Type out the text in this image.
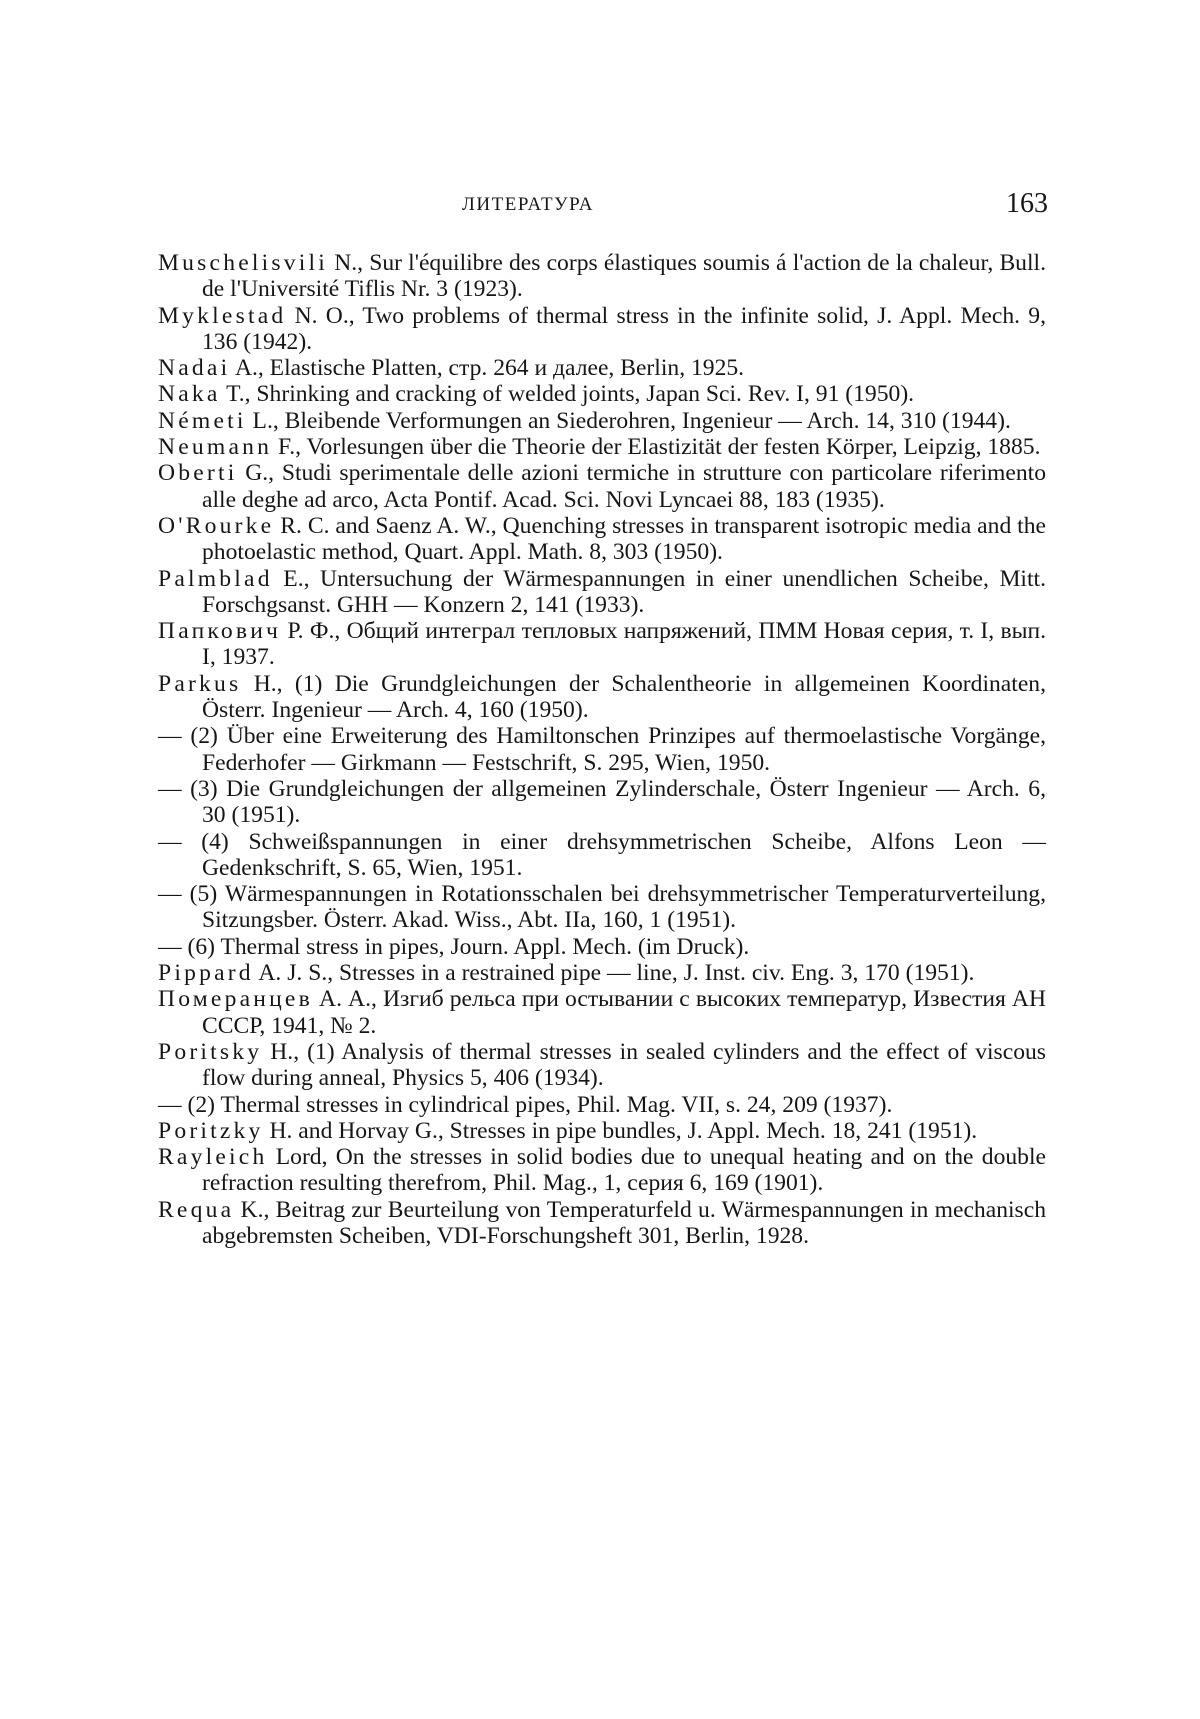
ЛИТЕРАТУРА	163

Muschelisvili N., Sur l'équilibre des corps élastiques soumis á l'action de la chaleur, Bull. de l'Université Tiflis Nr. 3 (1923).

Myklestad N. O., Two problems of thermal stress in the infinite solid, J. Appl. Mech. 9, 136 (1942).

Nadai A., Elastische Platten, стр. 264 и далее, Berlin, 1925.

Naka T., Shrinking and cracking of welded joints, Japan Sci. Rev. I, 91 (1950).

Németi L., Bleibende Verformungen an Siederohren, Ingenieur — Arch. 14, 310 (1944).

Neumann F., Vorlesungen über die Theorie der Elastizität der festen Körper, Leipzig, 1885.

Oberti G., Studi sperimentale delle azioni termiche in strutture con particolare riferimento alle deghe ad arco, Acta Pontif. Acad. Sci. Novi Lyncaei 88, 183 (1935).

O'Rourke R. C. and Saenz A. W., Quenching stresses in transparent isotropic media and the photoelastic method, Quart. Appl. Math. 8, 303 (1950).

Palmblad E., Untersuchung der Wärmespannungen in einer unendlichen Scheibe, Mitt. Forschgsanst. GHH — Konzern 2, 141 (1933).

Папкович Р. Ф., Общий интеграл тепловых напряжений, ПММ Новая серия, т. I, вып. I, 1937.

Parkus H., (1) Die Grundgleichungen der Schalentheorie in allgemeinen Koordinaten, Österr. Ingenieur — Arch. 4, 160 (1950).

— (2) Über eine Erweiterung des Hamiltonschen Prinzipes auf thermoelastische Vorgänge, Federhofer — Girkmann — Festschrift, S. 295, Wien, 1950.

— (3) Die Grundgleichungen der allgemeinen Zylinderschale, Österr Ingenieur — Arch. 6, 30 (1951).

— (4) Schweißspannungen in einer drehsymmetrischen Scheibe, Alfons Leon — Gedenkschrift, S. 65, Wien, 1951.

— (5) Wärmespannungen in Rotationsschalen bei drehsymmetrischer Temperaturverteilung, Sitzungsber. Österr. Akad. Wiss., Abt. IIa, 160, 1 (1951).

— (6) Thermal stress in pipes, Journ. Appl. Mech. (im Druck).

Pippard A. J. S., Stresses in a restrained pipe — line, J. Inst. civ. Eng. 3, 170 (1951).

Померанцев А. А., Изгиб рельса при остывании с высоких температур, Известия АН СССР, 1941, № 2.

Poritsky H., (1) Analysis of thermal stresses in sealed cylinders and the effect of viscous flow during anneal, Physics 5, 406 (1934).

— (2) Thermal stresses in cylindrical pipes, Phil. Mag. VII, s. 24, 209 (1937).

Poritzky H. and Horvay G., Stresses in pipe bundles, J. Appl. Mech. 18, 241 (1951).

Rayleich Lord, On the stresses in solid bodies due to unequal heating and on the double refraction resulting therefrom, Phil. Mag., 1, серия 6, 169 (1901).

Requa K., Beitrag zur Beurteilung von Temperaturfeld u. Wärmespannungen in mechanisch abgebremsten Scheiben, VDI-Forschungsheft 301, Berlin, 1928.
